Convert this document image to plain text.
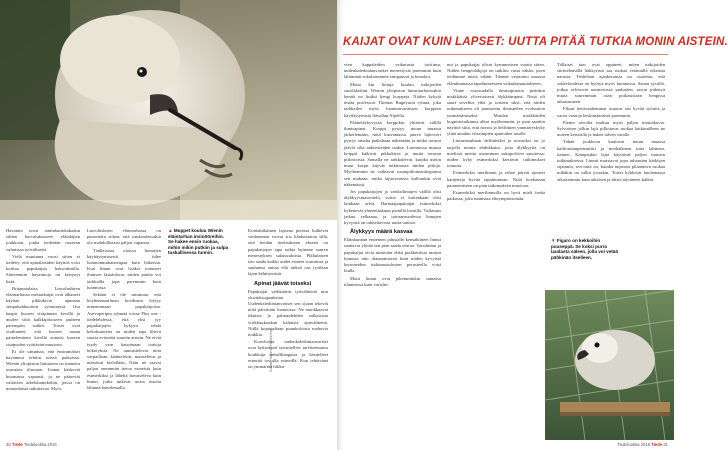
Kuvat: Kimmo Holmberg

Havainto nosti tanimbarinkakadun siihen harvalukuiseen eläinlajien joukkoon, jonka tiedetään osaavan valmistaa työvälineitä.

Vielä muutama vuosi sitten ei tiedetty, että apinälaisiden käyttöä voisi koskaa papukaijan hoksottimilla. Siitteenniin havaintoja on kertynyt lisää.

Britannialaisa Lincolnshiren eläintarhassa mestarkaijat ovat alkaneet käyttää pikkukiviä apunaan simpukankuorien syömisessä. Osa kaapit kuoren sisäpinnan kivellä ja nuolee siitä kalkkipitoiseen jauheen parempiin suihin. Toiset ovat viraltaneet, että kuoren ruuan paineleminen kivellä auttaisi kuoren sisäpuolen syöttävän muutoon.

Ei ole sattumaa, että ensimmäiset havainnot tehtiin niissä paikoissa. Wienin yliopiston lintutaren on tunnettu avaruista tilastaan. Linnut käskevät huomassa vapaasti, ja ne pääsevät valtavien aikeluhattukohin, joissa on monenlaista tutkittavaa. Myös

Lincolnshiren eläintarhassa on panostettu siihen, että vankeudessakin olo mahdollistaisi paljon vapautta.

Täällaisissa oloissa linnuijen käyttäytymisestä tulee luonnonmukaisempaa kuin häkeissä. Kun linnut ovat lisäksi tottuneet ihmisen läsnäoloon, niiden puuha voi tarkkailla jopa paremmin kuin luonnossa.

Sekään ei ole sattumaa, että höyhenmaailman hoodinsta löytyy nimenomaan papukaijoista. Asevuperipin ryhmää toissa Plus one -tiedelehdessä, että yksi syy papukaijojen kykyyn tehdä kekoksaoteita on niiden tapa lihevä suuria evästeitä suurein aistein. Ne eivät tyydy vain katsomaan outtoja hökötyksiä. Ne tunnustelevat niitä varpaillaan, kääntelevät, maistelevat ja metsävat kielellään. Näin ne saavat paljon enemmän tietoa esineistä kuin esimerkiksi ja läheltä havaiseleva kuin linnut, jotka tutkivat uusia asioita lähinnä katselemalla.

▲ Muppet kouluu Wienin eläintarhan insinööreihin. Se hakee ensin ruokaa, mihin mikin putkiin ja sulpa tuskallisessa tunnin.

Kontaktikäinen lapsena perässä kulkevat vanhemmat voivat siis lohduttautua sillä, että heidän iteelaukseen ekseen on papukaijojen tapa tutkia lajimme suuren menestyksen salaisuuksista. Pikkulasten isto saada kaikki uudet esineet sormiinsa ja suuhunsa auttaa ellä tärkeä osa fysiikan lajon kehittymistä.

Apinat jäävät toiseksi

Papukaijat värkkäävät työvälineitä niin yksittäistapauksina. Uudenkaledonianvariset sen sijaan tekevät niitä päivittäin luonnossa. Ne muokkaavat tikuista ja palmunlehden sulkaisista virikkuukoukun kaltaisia apuvälineitä. Niillä kopioteltaan puunkoloista mehuvia toukkia.

Koeoloissa uudenkaledonianvariset ovat hoksekseit taivuttelleet tarvitsemansa koukkuja metallilangasta ja käsitelleet esineitä tovoilla esineillä. Kun tehtävänä on ymmärtää liikku-

30 Tiede Tiedeluokka 2016
KAIJAT OVAT KUIN LAPSET: UUTTA PITÄÄ TUTKIA MONIN AISTEIN.

vien kappaleiden vaikutusta toisiinsa, uudenkaledonianvariket menestyvät paremmin kuin lähimmät sukulaisemme simpanssit ja bonobot.

Mutta kin lintuja kuuluu tutkijoiden suosikkeihin. Wienin yliopiston linturitarhoissakin kenttä on lisäksi kengi korppeja. Niiden kykyjä testaa professori Thomas Bugnyarin ryhmä, joka tarkkailee myös luonnonvaraisten korppien käyttäytymistä Itävallan Alpeilla.

Päätteläykyvyssä korppikin ylittävät välillä ihmisapinat. Korppi pystyy muun muassa järkeilemään, mitä kasvamassa jatuva lajitoveri pystyy omalta paikaltaan näkemään ja mitkä tavarat jäävät siltä näköesteiden taakse. Luonnossa mustat korppit kätkivät pikkukivia ja muita tavaran piilostoista. Samalla ne tarkkailevat, kuinka useiin muut korpit käyvät tutkimassa niiden piiloja. Myöhemmin ne vaihtavat ruoanpiilotustrategiansa sen mukaan, mitkä lajitovereista kulloinkin ovat näkemässä.

Jos papukaijojen ja variksilintujen välillä olisi älykkyysmasoittelu, voitto ei kuitenkaan olisi lainkaan selvä. Harmaapapukaijat esimerkiksi kykenevät yhteenlaskuun pienillä luvuilla. Tutkimus jatkuu velkaana, ja taivaansuodessa linnujen kyvyistä on odotettavissa uusia uutisia.

Älykkyys määrä kasvaa

Eläinkunnan eniteinen jalustalle kensähtineet linnut saattavat ylittää sen pian saada seuraa. Varsilinnut ja papukaijat eivät nimittäin ehkä poikkeuksia muista linnusta niin dramaattisesti kuin niiden kyvyistä kertoneiden tutkimustulosten perusteella voisi luulla.

Muut linnut ovat pikemminkin samassa tilanteessa kuin varislin-

nut ja papukaijat olivat kymmenisen vuotta sitten. Niiden hengenlahjoja on tutkittu vasta vähän, joten tiedämme niistä vähän. Tilanne vertautuu muussa eläinkunnassa tapahtuneeseen valtauksmuutokseen.

Viime vuosisadalla ihmisapinoita pidettiin nisäkkäistä ylivertaisesti älykkäimpinä. Nistä oli suuri sovellus yhtä ja toiseen siksi, että niiden tutkimukseen oli panostettu ihmisnelen evoluution ymmärtämiseksi. Muiden nisäkkäiden kognitiotutkimus alkoi myöhemmin, ja pian saattiin näyttöä siitä, että norsut ja delfiinien ymmärryskyky yltää ainakin viisaimpien apinoiden tasolle.

Linturnaailman delfiineiksi ja norsuiksi on jo tarjolla monia ehdokkaita, joita älykkyyttä on mielissä mietin useamman sukupolvien sanoiessa: niiden kyky esimerkiksi kiertävät tutkimukset totuutta.

Esimerkiksi merilinnut ja rehoe pärvät ajoneet kanjetteja hyvää tapahtumaan. Niitä hoekainan paranemiseen on pian tutkimuksen muotoon.

Esimerkiksi merilinnuilla on hyvä mieli tietää paikassa, joka tunnistaa elinympäristöään.

▼ Figaro on kekkoihin puuseppä. Se koksi purra laudasta säleen, jolla voi vetää pähkinän itselleen.

Tällaiset taas ovat oppineet, miten tutkijoiden siirittelemällä häkkyristä saa ruokaa vetämällä oikeasta narusta. Tiedeloan ajankeruusta on osoitettu, että sokkeloudesta on hyötyä myös luonnossa. Samat syvällä, joiksa selvisivät narutestissä parhaiten, saivat pidettyä muita suuremman osan poikasistaan hengissä aikuisuuteen.

Fiksut tiettivanhemmat osaavat siis hyvää syöttöä ja varoa vaaroja keskimääräistä paremmin.

Pienin aivoilta maltuu myös paljon moniäkuvia. Sylvioisen jolkin lajit pillottavat ruokaa kätkimälleen ne uuteen kertarilla ja hakea talven varalle.

Tähän joukkoon kuuluvat muun muassa kalifornianpensastiiri ja meikäläinen tutia lahtinen, tiainen. Kampaukin lajia käyttävät paljon muistin tutkimuksessa. Linnut muistavat jopa tuhansien kätköjen sijainnin, sen mitä on, kuinka nopeasti pilaantuva ruokaa mikäkin on tullut jossakin. Toiset kykkivät huolemassa aikaisemmin kuin aikaisen ja niistä täyttäneet kätköt.

Tiedeluokka 2016 Tiede 31
